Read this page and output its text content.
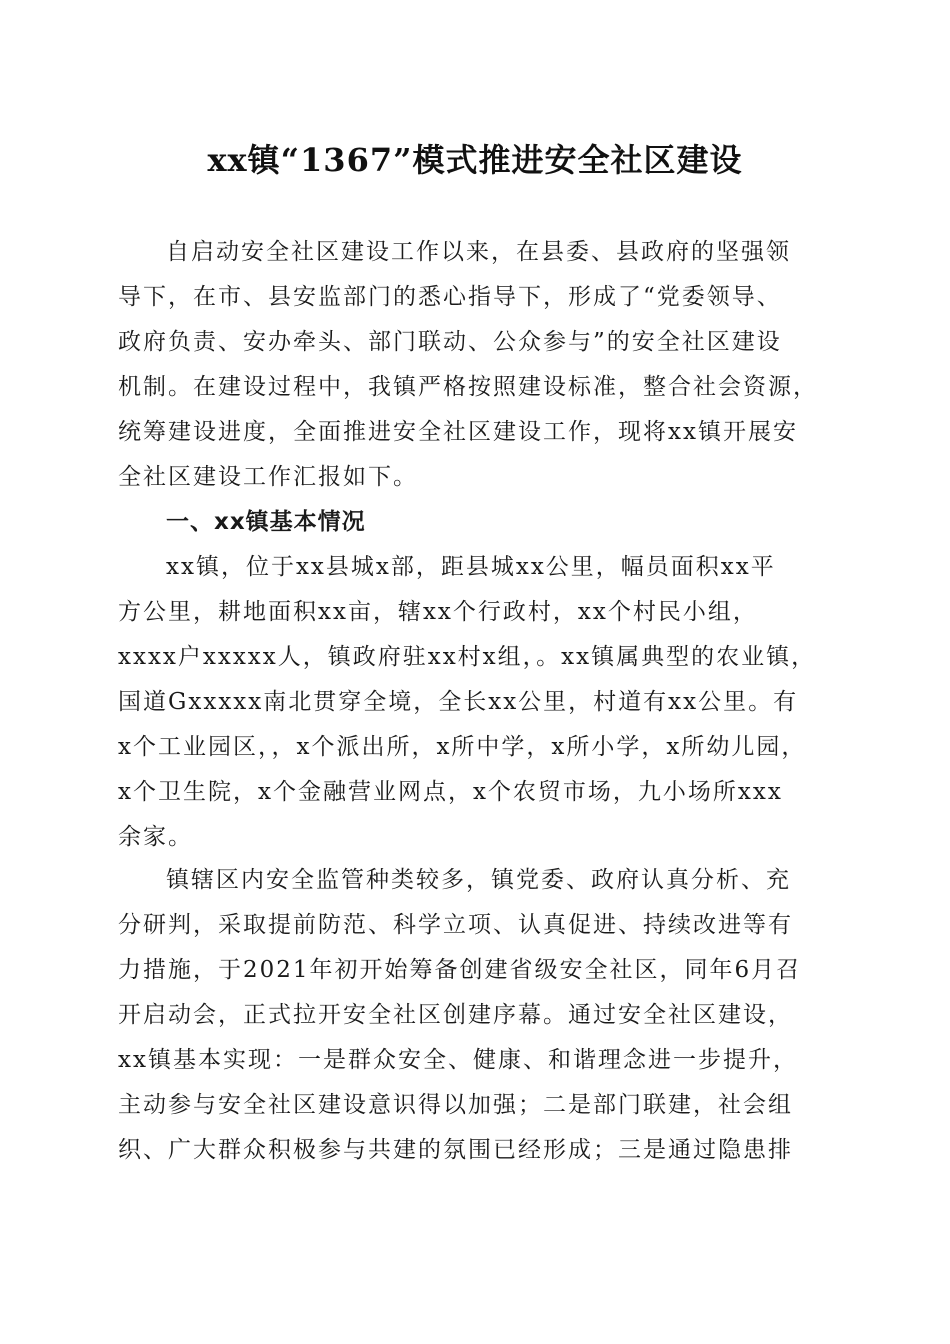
xx镇“1367”模式推进安全社区建设
自启动安全社区建设工作以来，在县委、县政府的坚强领
导下，在市、县安监部门的悉心指导下，形成了“党委领导、
政府负责、安办牵头、部门联动、公众参与”的安全社区建设
机制。在建设过程中，我镇严格按照建设标准，整合社会资源，
统筹建设进度，全面推进安全社区建设工作，现将xx镇开展安
全社区建设工作汇报如下。
一、xx镇基本情况
xx镇，位于xx县城x部，距县城xx公里，幅员面积xx平
方公里，耕地面积xx亩，辖xx个行政村，xx个村民小组，
xxxx户xxxxx人，镇政府驻xx村x组，。xx镇属典型的农业镇，
国道Gxxxxx南北贯穿全境，全长xx公里，村道有xx公里。有
x个工业园区，，x个派出所，x所中学，x所小学，x所幼儿园，
x个卫生院，x个金融营业网点，x个农贸市场，九小场所xxx
余家。
镇辖区内安全监管种类较多，镇党委、政府认真分析、充
分研判，采取提前防范、科学立项、认真促进、持续改进等有
力措施，于2021年初开始筹备创建省级安全社区，同年6月召
开启动会，正式拉开安全社区创建序幕。通过安全社区建设，
xx镇基本实现：一是群众安全、健康、和谐理念进一步提升，
主动参与安全社区建设意识得以加强；二是部门联建，社会组
织、广大群众积极参与共建的氛围已经形成；三是通过隐患排
